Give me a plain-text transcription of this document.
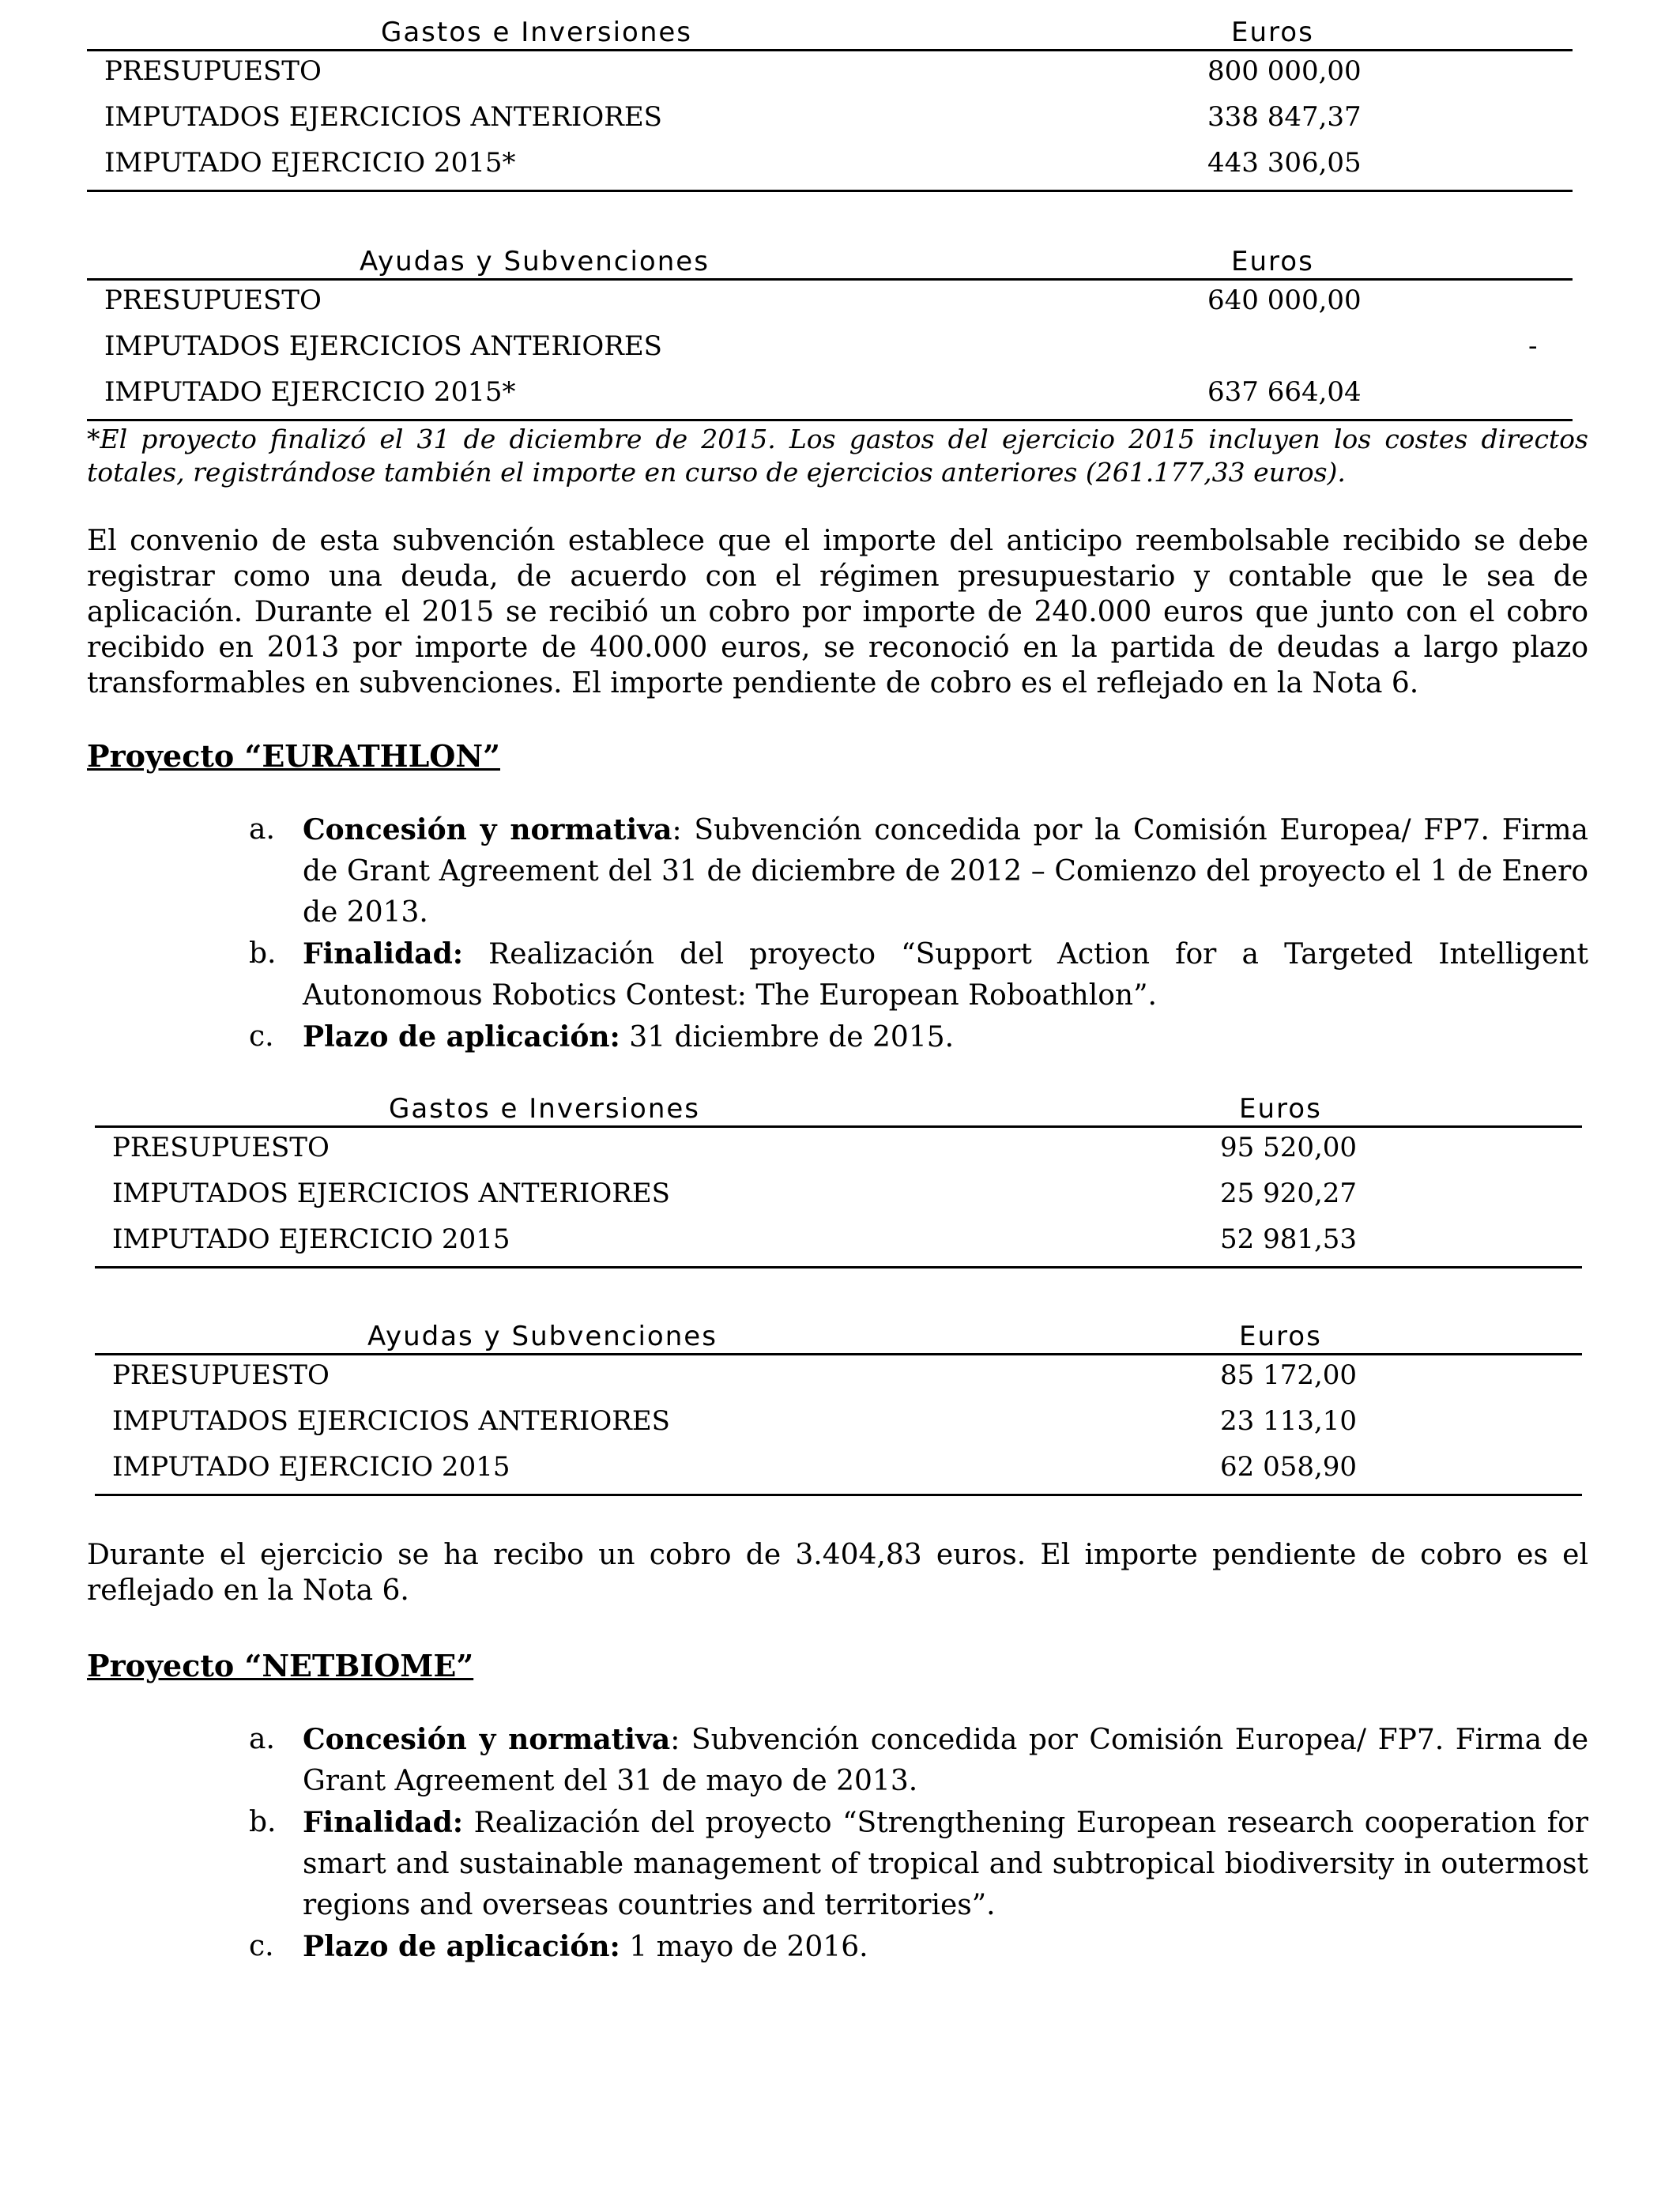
Gastos e Inversiones	Euros
PRESUPUESTO	800 000,00
IMPUTADOS EJERCICIOS ANTERIORES	338 847,37
IMPUTADO EJERCICIO 2015*	443 306,05
Ayudas y Subvenciones	Euros
PRESUPUESTO	640 000,00
IMPUTADOS EJERCICIOS ANTERIORES	-
IMPUTADO EJERCICIO 2015*	637 664,04
*El proyecto finalizó el 31 de diciembre de 2015. Los gastos del ejercicio 2015 incluyen los costes directos totales, registrándose también el importe en curso de ejercicios anteriores (261.177,33 euros).
El convenio de esta subvención establece que el importe del anticipo reembolsable recibido se debe registrar como una deuda, de acuerdo con el régimen presupuestario y contable que le sea de aplicación. Durante el 2015 se recibió un cobro por importe de 240.000 euros que junto con el cobro recibido en 2013 por importe de 400.000 euros, se reconoció en la partida de deudas a largo plazo transformables en subvenciones. El importe pendiente de cobro es el reflejado en la Nota 6.
Proyecto “EURATHLON”
a. Concesión y normativa: Subvención concedida por la Comisión Europea/ FP7. Firma de Grant Agreement del 31 de diciembre de 2012 – Comienzo del proyecto el 1 de Enero de 2013.
b. Finalidad: Realización del proyecto “Support Action for a Targeted Intelligent Autonomous Robotics Contest: The European Roboathlon”.
c. Plazo de aplicación: 31 diciembre de 2015.
Gastos e Inversiones	Euros
PRESUPUESTO	95 520,00
IMPUTADOS EJERCICIOS ANTERIORES	25 920,27
IMPUTADO EJERCICIO 2015	52 981,53
Ayudas y Subvenciones	Euros
PRESUPUESTO	85 172,00
IMPUTADOS EJERCICIOS ANTERIORES	23 113,10
IMPUTADO EJERCICIO 2015	62 058,90
Durante el ejercicio se ha recibo un cobro de 3.404,83 euros. El importe pendiente de cobro es el reflejado en la Nota 6.
Proyecto “NETBIOME”
a. Concesión y normativa: Subvención concedida por Comisión Europea/ FP7. Firma de Grant Agreement del 31 de mayo de 2013.
b. Finalidad: Realización del proyecto “Strengthening European research cooperation for smart and sustainable management of tropical and subtropical biodiversity in outermost regions and overseas countries and territories”.
c. Plazo de aplicación: 1 mayo de 2016.
